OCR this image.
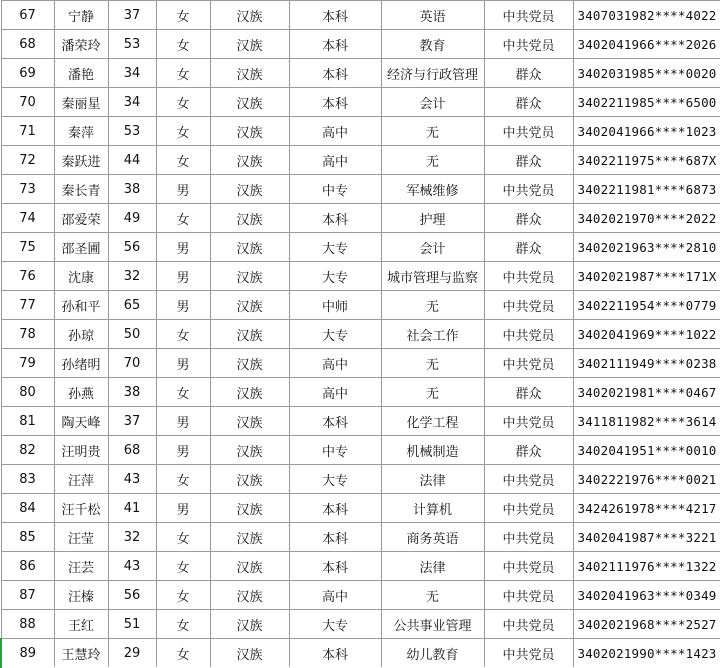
67	宁静	37	女	汉族	本科	英语	中共党员	3407031982****4022
68	潘荣玲	53	女	汉族	本科	教育	中共党员	3402041966****2026
69	潘艳	34	女	汉族	本科	经济与行政管理	群众	3402031985****0020
70	秦丽星	34	女	汉族	本科	会计	群众	3402211985****6500
71	秦萍	53	女	汉族	高中	无	中共党员	3402041966****1023
72	秦跃进	44	女	汉族	高中	无	群众	3402211975****687X
73	秦长青	38	男	汉族	中专	军械维修	中共党员	3402211981****6873
74	邵爱荣	49	女	汉族	本科	护理	群众	3402021970****2022
75	邵圣圃	56	男	汉族	大专	会计	群众	3402021963****2810
76	沈康	32	男	汉族	大专	城市管理与监察	中共党员	3402021987****171X
77	孙和平	65	男	汉族	中师	无	中共党员	3402211954****0779
78	孙琼	50	女	汉族	大专	社会工作	中共党员	3402041969****1022
79	孙绪明	70	男	汉族	高中	无	中共党员	3402111949****0238
80	孙燕	38	女	汉族	高中	无	群众	3402021981****0467
81	陶天峰	37	男	汉族	本科	化学工程	中共党员	3411811982****3614
82	汪明贵	68	男	汉族	中专	机械制造	群众	3402041951****0010
83	汪萍	43	女	汉族	大专	法律	中共党员	3402221976****0021
84	汪千松	41	男	汉族	本科	计算机	中共党员	3424261978****4217
85	汪莹	32	女	汉族	本科	商务英语	中共党员	3402041987****3221
86	汪芸	43	女	汉族	本科	法律	中共党员	3402111976****1322
87	汪榛	56	女	汉族	高中	无	中共党员	3402041963****0349
88	王红	51	女	汉族	大专	公共事业管理	中共党员	3402021968****2527
89	王慧玲	29	女	汉族	本科	幼儿教育	中共党员	3402021990****1423
